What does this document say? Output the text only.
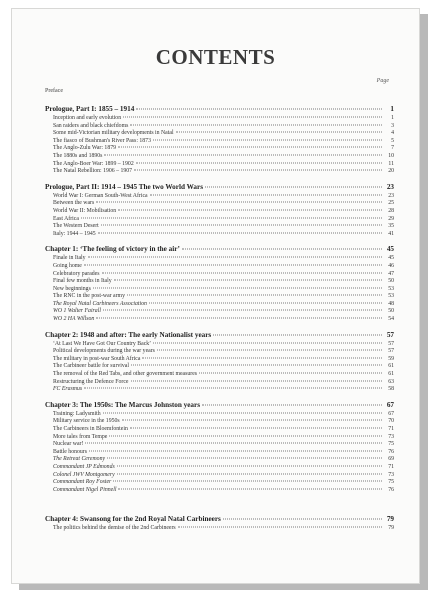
CONTENTS
Page
Preface
Prologue, Part I: 1855 – 1914	1
Inception and early evolution	1
San raiders and black chiefdoms	3
Some mid-Victorian military developments in Natal	4
The fiasco of Bushman's River Pass: 1873	5
The Anglo-Zulu War: 1879	7
The 1880s and 1890s	10
The Anglo-Boer War: 1899 – 1902	11
The Natal Rebellion: 1906 – 1907	20
Prologue, Part II: 1914 – 1945 The two World Wars	23
World War I: German South-West Africa	23
Between the wars	25
World War II: Mobilisation	28
East Africa	29
The Western Desert	35
Italy: 1944 – 1945	41
Chapter 1: ‘The feeling of victory in the air’	45
Finale in Italy	45
Going home	46
Celebratory parades	47
Final few months in Italy	50
New beginnings	53
The RNC in the post-war army	53
The Royal Natal Carbineers Association	48
WO 1 Walter Fairall	50
WO 2 HA Willson	54
Chapter 2: 1948 and after: The early Nationalist years	57
‘At Last We Have Got Our Country Back’	57
Political developments during the war years	57
The military in post-war South Africa	59
The Carbineer battle for survival	61
The removal of the Red Tabs, and other government measures	61
Restructuring the Defence Force	63
FC Erasmus	58
Chapter 3: The 1950s: The Marcus Johnston years	67
Training: Ladysmith	67
Military service in the 1950s	70
The Carbineers in Bloemfontein	71
More tales from Tempe	73
Nuclear war!	75
Battle honours	76
The Retreat Ceremony	69
Commandant JP Edmonds	71
Colonel JWV Montgomery	73
Commandant Roy Foster	75
Commandant Nigel Pinnell	76
Chapter 4: Swansong for the 2nd Royal Natal Carbineers	79
The politics behind the demise of the 2nd Carbineers	79
